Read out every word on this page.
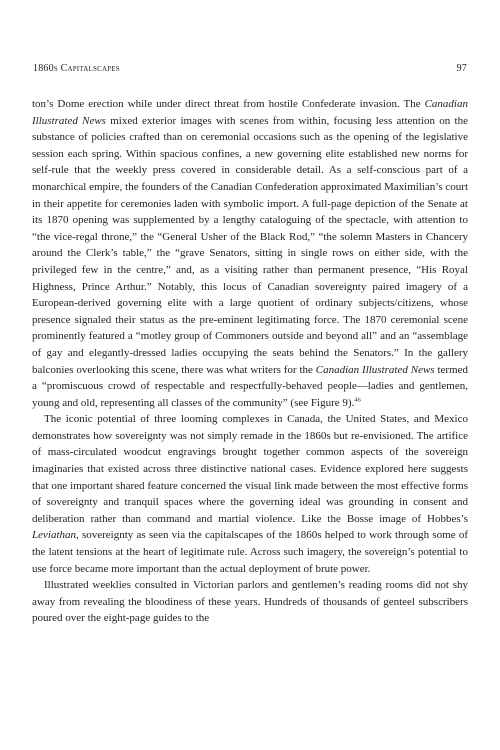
1860s Capitalscapes	97

ton’s Dome erection while under direct threat from hostile Confederate invasion. The Canadian Illustrated News mixed exterior images with scenes from within, focusing less attention on the substance of policies crafted than on ceremonial occasions such as the opening of the legislative session each spring. Within spacious confines, a new governing elite established new norms for self-rule that the weekly press covered in considerable detail. As a self-conscious part of a monarchical empire, the founders of the Canadian Confederation approximated Maximilian’s court in their appetite for ceremonies laden with symbolic import. A full-page depiction of the Senate at its 1870 opening was supplemented by a lengthy cataloguing of the spectacle, with attention to “the vice-regal throne,” the “General Usher of the Black Rod,” “the solemn Masters in Chancery around the Clerk’s table,” the “grave Senators, sitting in single rows on either side, with the privileged few in the centre,” and, as a visiting rather than permanent presence, “His Royal Highness, Prince Arthur.” Notably, this locus of Canadian sovereignty paired imagery of a European-derived governing elite with a large quotient of ordinary subjects/citizens, whose presence signaled their status as the pre-eminent legitimating force. The 1870 ceremonial scene prominently featured a “motley group of Commoners outside and beyond all” and an “assemblage of gay and elegantly-dressed ladies occupying the seats behind the Senators.” In the gallery balconies overlooking this scene, there was what writers for the Canadian Illustrated News termed a “promiscuous crowd of respectable and respectfully-behaved people—ladies and gentlemen, young and old, representing all classes of the community” (see Figure 9).$^{46}$

The iconic potential of three looming complexes in Canada, the United States, and Mexico demonstrates how sovereignty was not simply remade in the 1860s but re-envisioned. The artifice of mass-circulated woodcut engravings brought together common aspects of the sovereign imaginaries that existed across three distinctive national cases. Evidence explored here suggests that one important shared feature concerned the visual link made between the most effective forms of sovereignty and tranquil spaces where the governing ideal was grounding in consent and deliberation rather than command and martial violence. Like the Bosse image of Hobbes’s Leviathan, sovereignty as seen via the capitalscapes of the 1860s helped to work through some of the latent tensions at the heart of legitimate rule. Across such imagery, the sovereign’s potential to use force became more important than the actual deployment of brute power.

Illustrated weeklies consulted in Victorian parlors and gentlemen’s reading rooms did not shy away from revealing the bloodiness of these years. Hundreds of thousands of genteel subscribers poured over the eight-page guides to the
